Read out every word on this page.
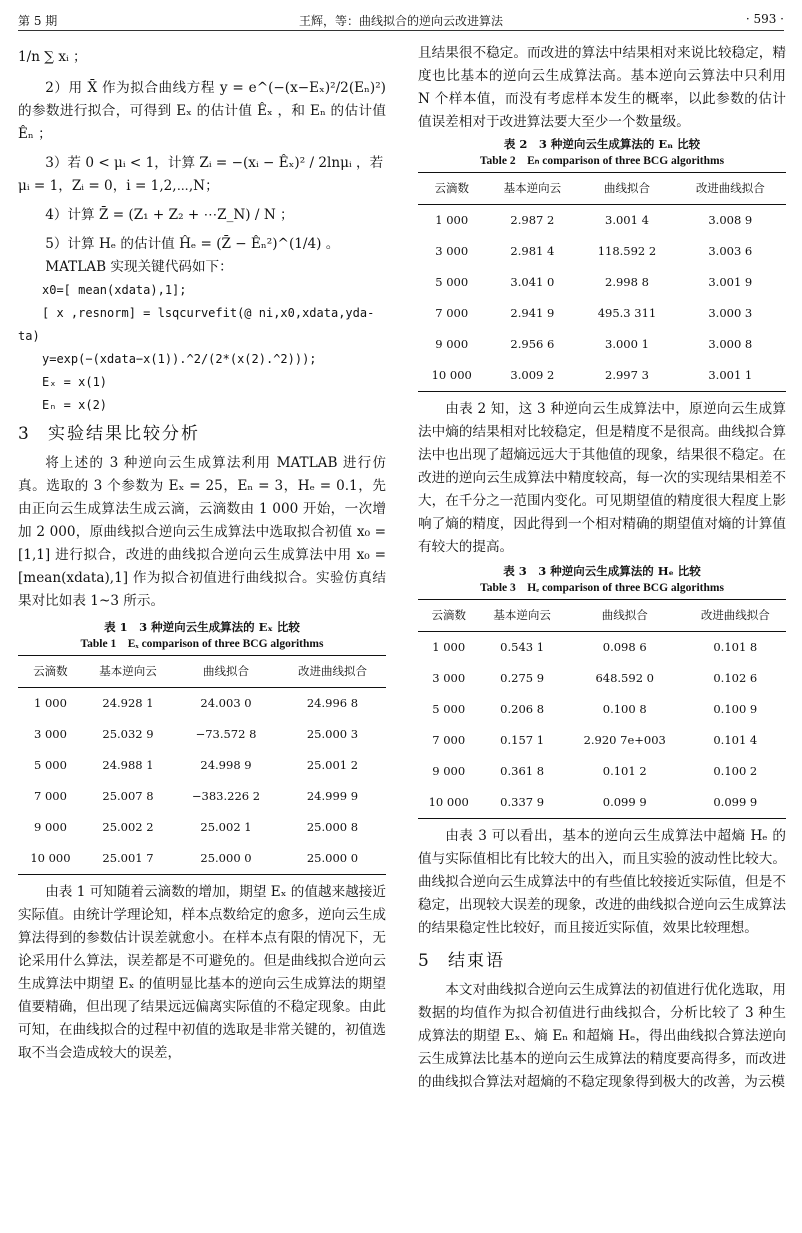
第 5 期	王辉，等：曲线拟合的逆向云改进算法	· 593 ·

1/n ∑ xᵢ ；

2）用 X̄ 作为拟合曲线方程 y = e^(−(x−Eₓ)²/2(Eₙ)²) 的参数进行拟合，可得到 Eₓ 的估计值 Êₓ ，和 Eₙ 的估计值 Êₙ ；

3）若 0 < μᵢ < 1，计算 Zᵢ = −(xᵢ − Êₓ)² / 2lnμᵢ ，若

μᵢ = 1，Zᵢ = 0，i = 1,2,⋯,N；

4）计算 Z̄ = (Z₁ + Z₂ + ⋯Z_N) / N ；

5）计算 Hₑ 的估计值 Ĥₑ = (Z̄ − Êₙ²)^(1/4) 。

MATLAB 实现关键代码如下：

x0=[ mean(xdata),1];
[ x ,resnorm] = lsqcurvefit(@ ni,x0,xdata,yda-
ta)
y=exp(−(xdata−x(1)).^2/(2*(x(2).^2)));
Eₓ = x(1)
Eₙ = x(2)
3 实验结果比较分析

将上述的 3 种逆向云生成算法利用 MATLAB 进行仿真。选取的 3 个参数为 Eₓ = 25，Eₙ = 3，Hₑ = 0.1，先由正向云生成算法生成云滴，云滴数由 1 000 开始，一次增加 2 000，原曲线拟合逆向云生成算法中选取拟合初值 x₀ = [1,1] 进行拟合，改进的曲线拟合逆向云生成算法中用 x₀ = [mean(xdata),1] 作为拟合初值进行曲线拟合。实验仿真结果对比如表 1~3 所示。

表 1　3 种逆向云生成算法的 Eₓ 比较
Table 1　Eₓ comparison of three BCG algorithms
云滴数	基本逆向云	曲线拟合	改进曲线拟合
1 000	24.928 1	24.003 0	24.996 8
3 000	25.032 9	−73.572 8	25.000 3
5 000	24.988 1	24.998 9	25.001 2
7 000	25.007 8	−383.226 2	24.999 9
9 000	25.002 2	25.002 1	25.000 8
10 000	25.001 7	25.000 0	25.000 0

由表 1 可知随着云滴数的增加，期望 Eₓ 的值越来越接近实际值。由统计学理论知，样本点数给定的愈多，逆向云生成算法得到的参数估计误差就愈小。在样本点有限的情况下，无论采用什么算法，误差都是不可避免的。但是曲线拟合逆向云生成算法中期望 Eₓ 的值明显比基本的逆向云生成算法的期望值要精确，但出现了结果远远偏离实际值的不稳定现象。由此可知，在曲线拟合的过程中初值的选取是非常关键的，初值选取不当会造成较大的误差，

且结果很不稳定。而改进的算法中结果相对来说比较稳定，精度也比基本的逆向云生成算法高。基本逆向云算法中只利用 N 个样本值，而没有考虑样本发生的概率，以此参数的估计值误差相对于改进算法要大至少一个数量级。

表 2　3 种逆向云生成算法的 Eₙ 比较
Table 2　Eₙ comparison of three BCG algorithms
云滴数	基本逆向云	曲线拟合	改进曲线拟合
1 000	2.987 2	3.001 4	3.008 9
3 000	2.981 4	118.592 2	3.003 6
5 000	3.041 0	2.998 8	3.001 9
7 000	2.941 9	495.3 311	3.000 3
9 000	2.956 6	3.000 1	3.000 8
10 000	3.009 2	2.997 3	3.001 1

由表 2 知，这 3 种逆向云生成算法中，原逆向云生成算法中熵的结果相对比较稳定，但是精度不是很高。曲线拟合算法中也出现了超熵远远大于其他值的现象，结果很不稳定。在改进的逆向云生成算法中精度较高，每一次的实现结果相差不大，在千分之一范围内变化。可见期望值的精度很大程度上影响了熵的精度，因此得到一个相对精确的期望值对熵的计算值有较大的提高。

表 3　3 种逆向云生成算法的 Hₑ 比较
Table 3　Hₑ comparison of three BCG algorithms
云滴数	基本逆向云	曲线拟合	改进曲线拟合
1 000	0.543 1	0.098 6	0.101 8
3 000	0.275 9	648.592 0	0.102 6
5 000	0.206 8	0.100 8	0.100 9
7 000	0.157 1	2.920 7e+003	0.101 4
9 000	0.361 8	0.101 2	0.100 2
10 000	0.337 9	0.099 9	0.099 9

由表 3 可以看出，基本的逆向云生成算法中超熵 Hₑ 的值与实际值相比有比较大的出入，而且实验的波动性比较大。曲线拟合逆向云生成算法中的有些值比较接近实际值，但是不稳定，出现较大误差的现象，改进的曲线拟合逆向云生成算法的结果稳定性比较好，而且接近实际值，效果比较理想。

5 结束语

本文对曲线拟合逆向云生成算法的初值进行优化选取，用数据的均值作为拟合初值进行曲线拟合，分析比较了 3 种生成算法的期望 Eₓ、熵 Eₙ 和超熵 Hₑ，得出曲线拟合算法逆向云生成算法比基本的逆向云生成算法的精度要高得多，而改进的曲线拟合算法对超熵的不稳定现象得到极大的改善，为云模
